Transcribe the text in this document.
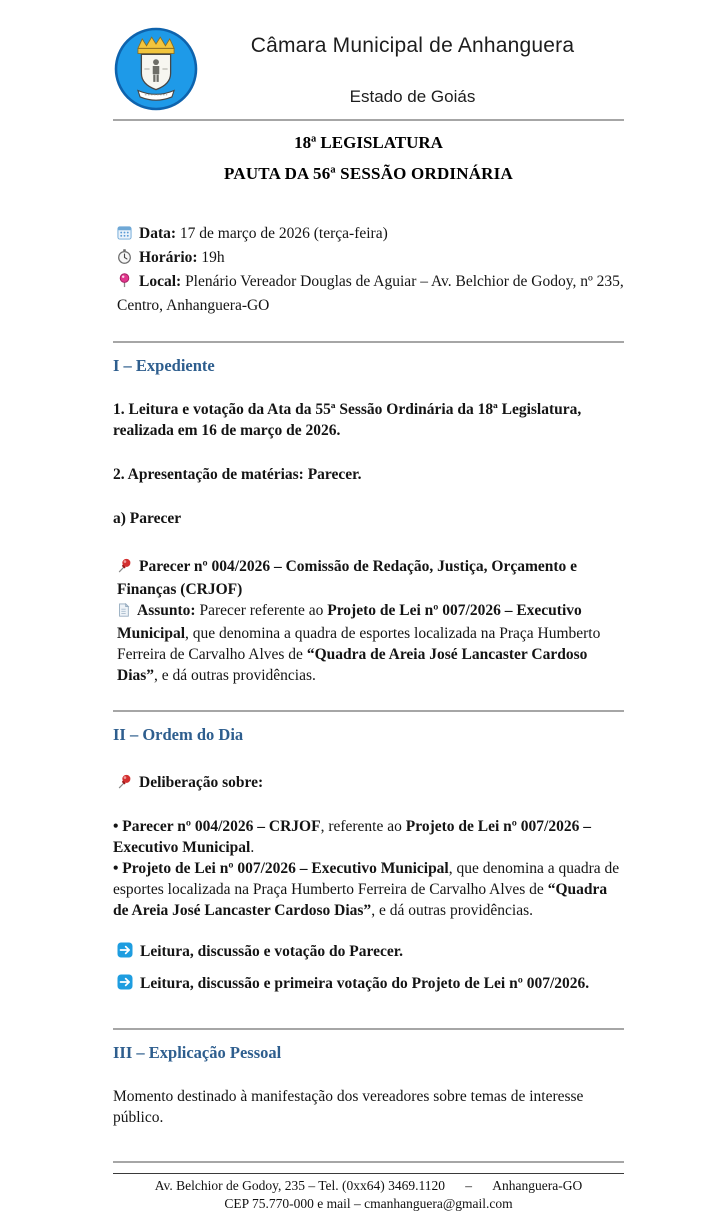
Câmara Municipal de Anhanguera
Estado de Goiás
18ª LEGISLATURA
PAUTA DA 56ª SESSÃO ORDINÁRIA
Data: 17 de março de 2026 (terça-feira)
Horário: 19h
Local: Plenário Vereador Douglas de Aguiar – Av. Belchior de Godoy, nº 235, Centro, Anhanguera-GO
I – Expediente

1. Leitura e votação da Ata da 55ª Sessão Ordinária da 18ª Legislatura, realizada em 16 de março de 2026.

2. Apresentação de matérias: Parecer.

a) Parecer

Parecer nº 004/2026 – Comissão de Redação, Justiça, Orçamento e Finanças (CRJOF)

Assunto: Parecer referente ao Projeto de Lei nº 007/2026 – Executivo Municipal, que denomina a quadra de esportes localizada na Praça Humberto Ferreira de Carvalho Alves de “Quadra de Areia José Lancaster Cardoso Dias”, e dá outras providências.

II – Ordem do Dia

Deliberação sobre:

• Parecer nº 004/2026 – CRJOF, referente ao Projeto de Lei nº 007/2026 – Executivo Municipal.
• Projeto de Lei nº 007/2026 – Executivo Municipal, que denomina a quadra de esportes localizada na Praça Humberto Ferreira de Carvalho Alves de “Quadra de Areia José Lancaster Cardoso Dias”, e dá outras providências.
Leitura, discussão e votação do Parecer.
Leitura, discussão e primeira votação do Projeto de Lei nº 007/2026.
III – Explicação Pessoal

Momento destinado à manifestação dos vereadores sobre temas de interesse público.

Av. Belchior de Godoy, 235 – Tel. (0xx64) 3469.1120      –      Anhanguera-GO
CEP 75.770-000 e mail – cmanhanguera@gmail.com
